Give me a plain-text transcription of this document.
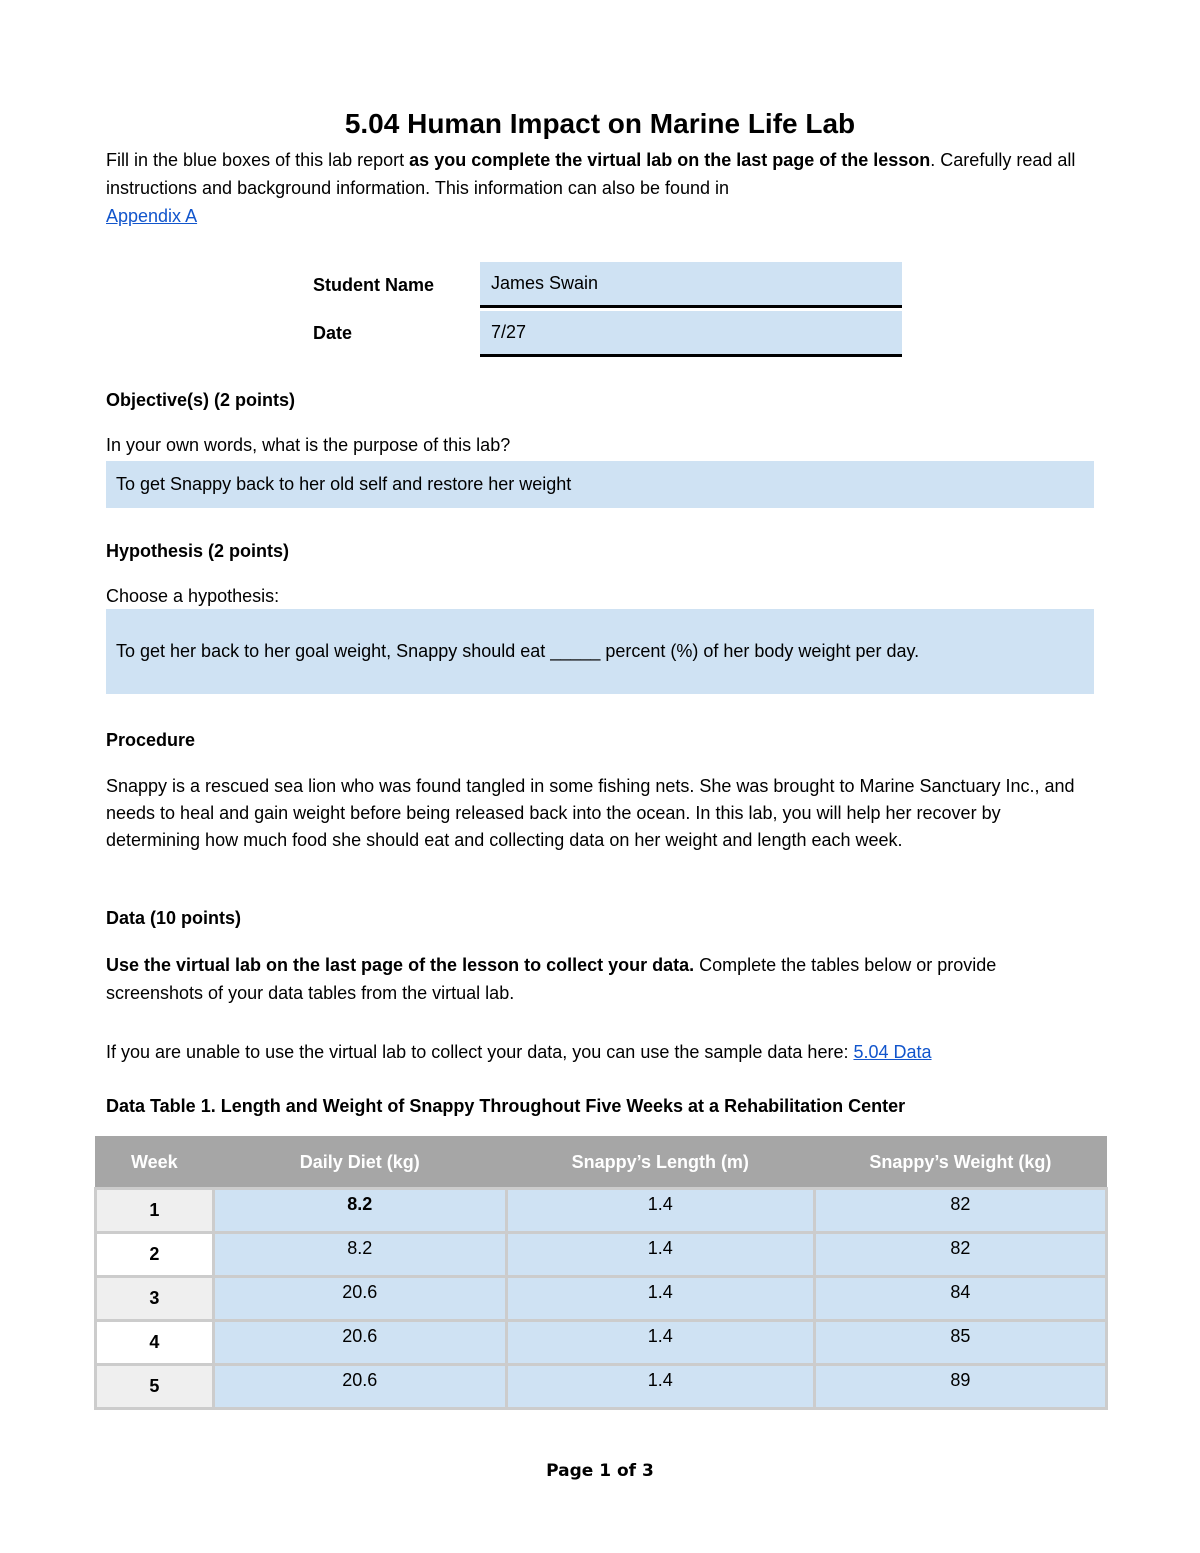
5.04 Human Impact on Marine Life Lab
Fill in the blue boxes of this lab report as you complete the virtual lab on the last page of the lesson. Carefully read all instructions and background information. This information can also be found in
Appendix A
Student Name	James Swain
Date	7/27
Objective(s) (2 points)
In your own words, what is the purpose of this lab?
To get Snappy back to her old self and restore her weight
Hypothesis (2 points)
Choose a hypothesis:
To get her back to her goal weight, Snappy should eat _____ percent (%) of her body weight per day.
Procedure
Snappy is a rescued sea lion who was found tangled in some fishing nets. She was brought to Marine Sanctuary Inc., and needs to heal and gain weight before being released back into the ocean. In this lab, you will help her recover by determining how much food she should eat and collecting data on her weight and length each week.
Data (10 points)
Use the virtual lab on the last page of the lesson to collect your data. Complete the tables below or provide screenshots of your data tables from the virtual lab.
If you are unable to use the virtual lab to collect your data, you can use the sample data here: 5.04 Data
Data Table 1. Length and Weight of Snappy Throughout Five Weeks at a Rehabilitation Center
Week	Daily Diet (kg)	Snappy’s Length (m)	Snappy’s Weight (kg)
1	8.2	1.4	82
2	8.2	1.4	82
3	20.6	1.4	84
4	20.6	1.4	85
5	20.6	1.4	89
Page 1 of 3
